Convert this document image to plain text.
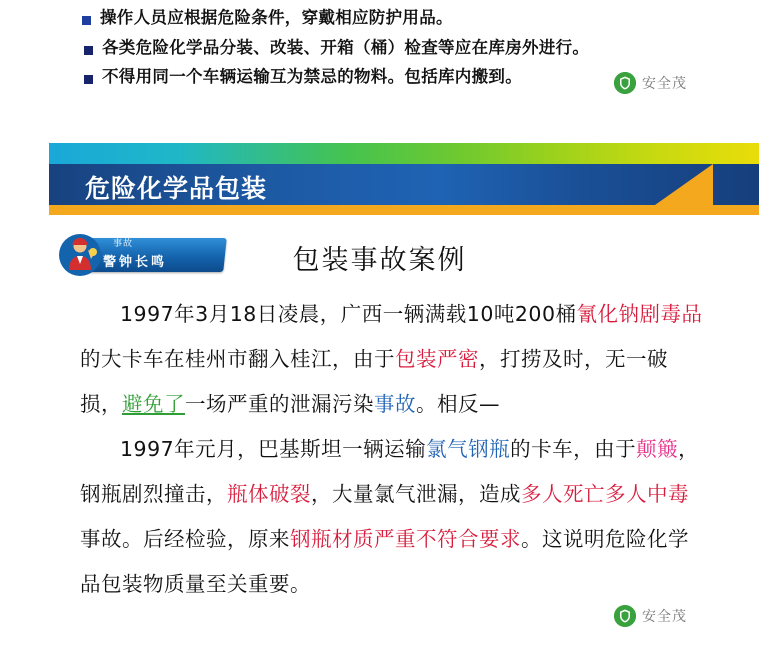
操作人员应根据危险条件，穿戴相应防护用品。
各类危险化学品分装、改装、开箱（桶）检查等应在库房外进行。
不得用同一个车辆运输互为禁忌的物料。包括库内搬到。	安全茂
危险化学品包装
事故
警钟长鸣	包装事故案例
1997年3月18日凌晨，广西一辆满载10吨200桶氰化钠剧毒品的大卡车在桂州市翻入桂江，由于包装严密，打捞及时，无一破损，避免了一场严重的泄漏污染事故。相反—
1997年元月，巴基斯坦一辆运输氯气钢瓶的卡车，由于颠簸，钢瓶剧烈撞击，瓶体破裂，大量氯气泄漏，造成多人死亡多人中毒事故。后经检验，原来钢瓶材质严重不符合要求。这说明危险化学品包装物质量至关重要。
安全茂
